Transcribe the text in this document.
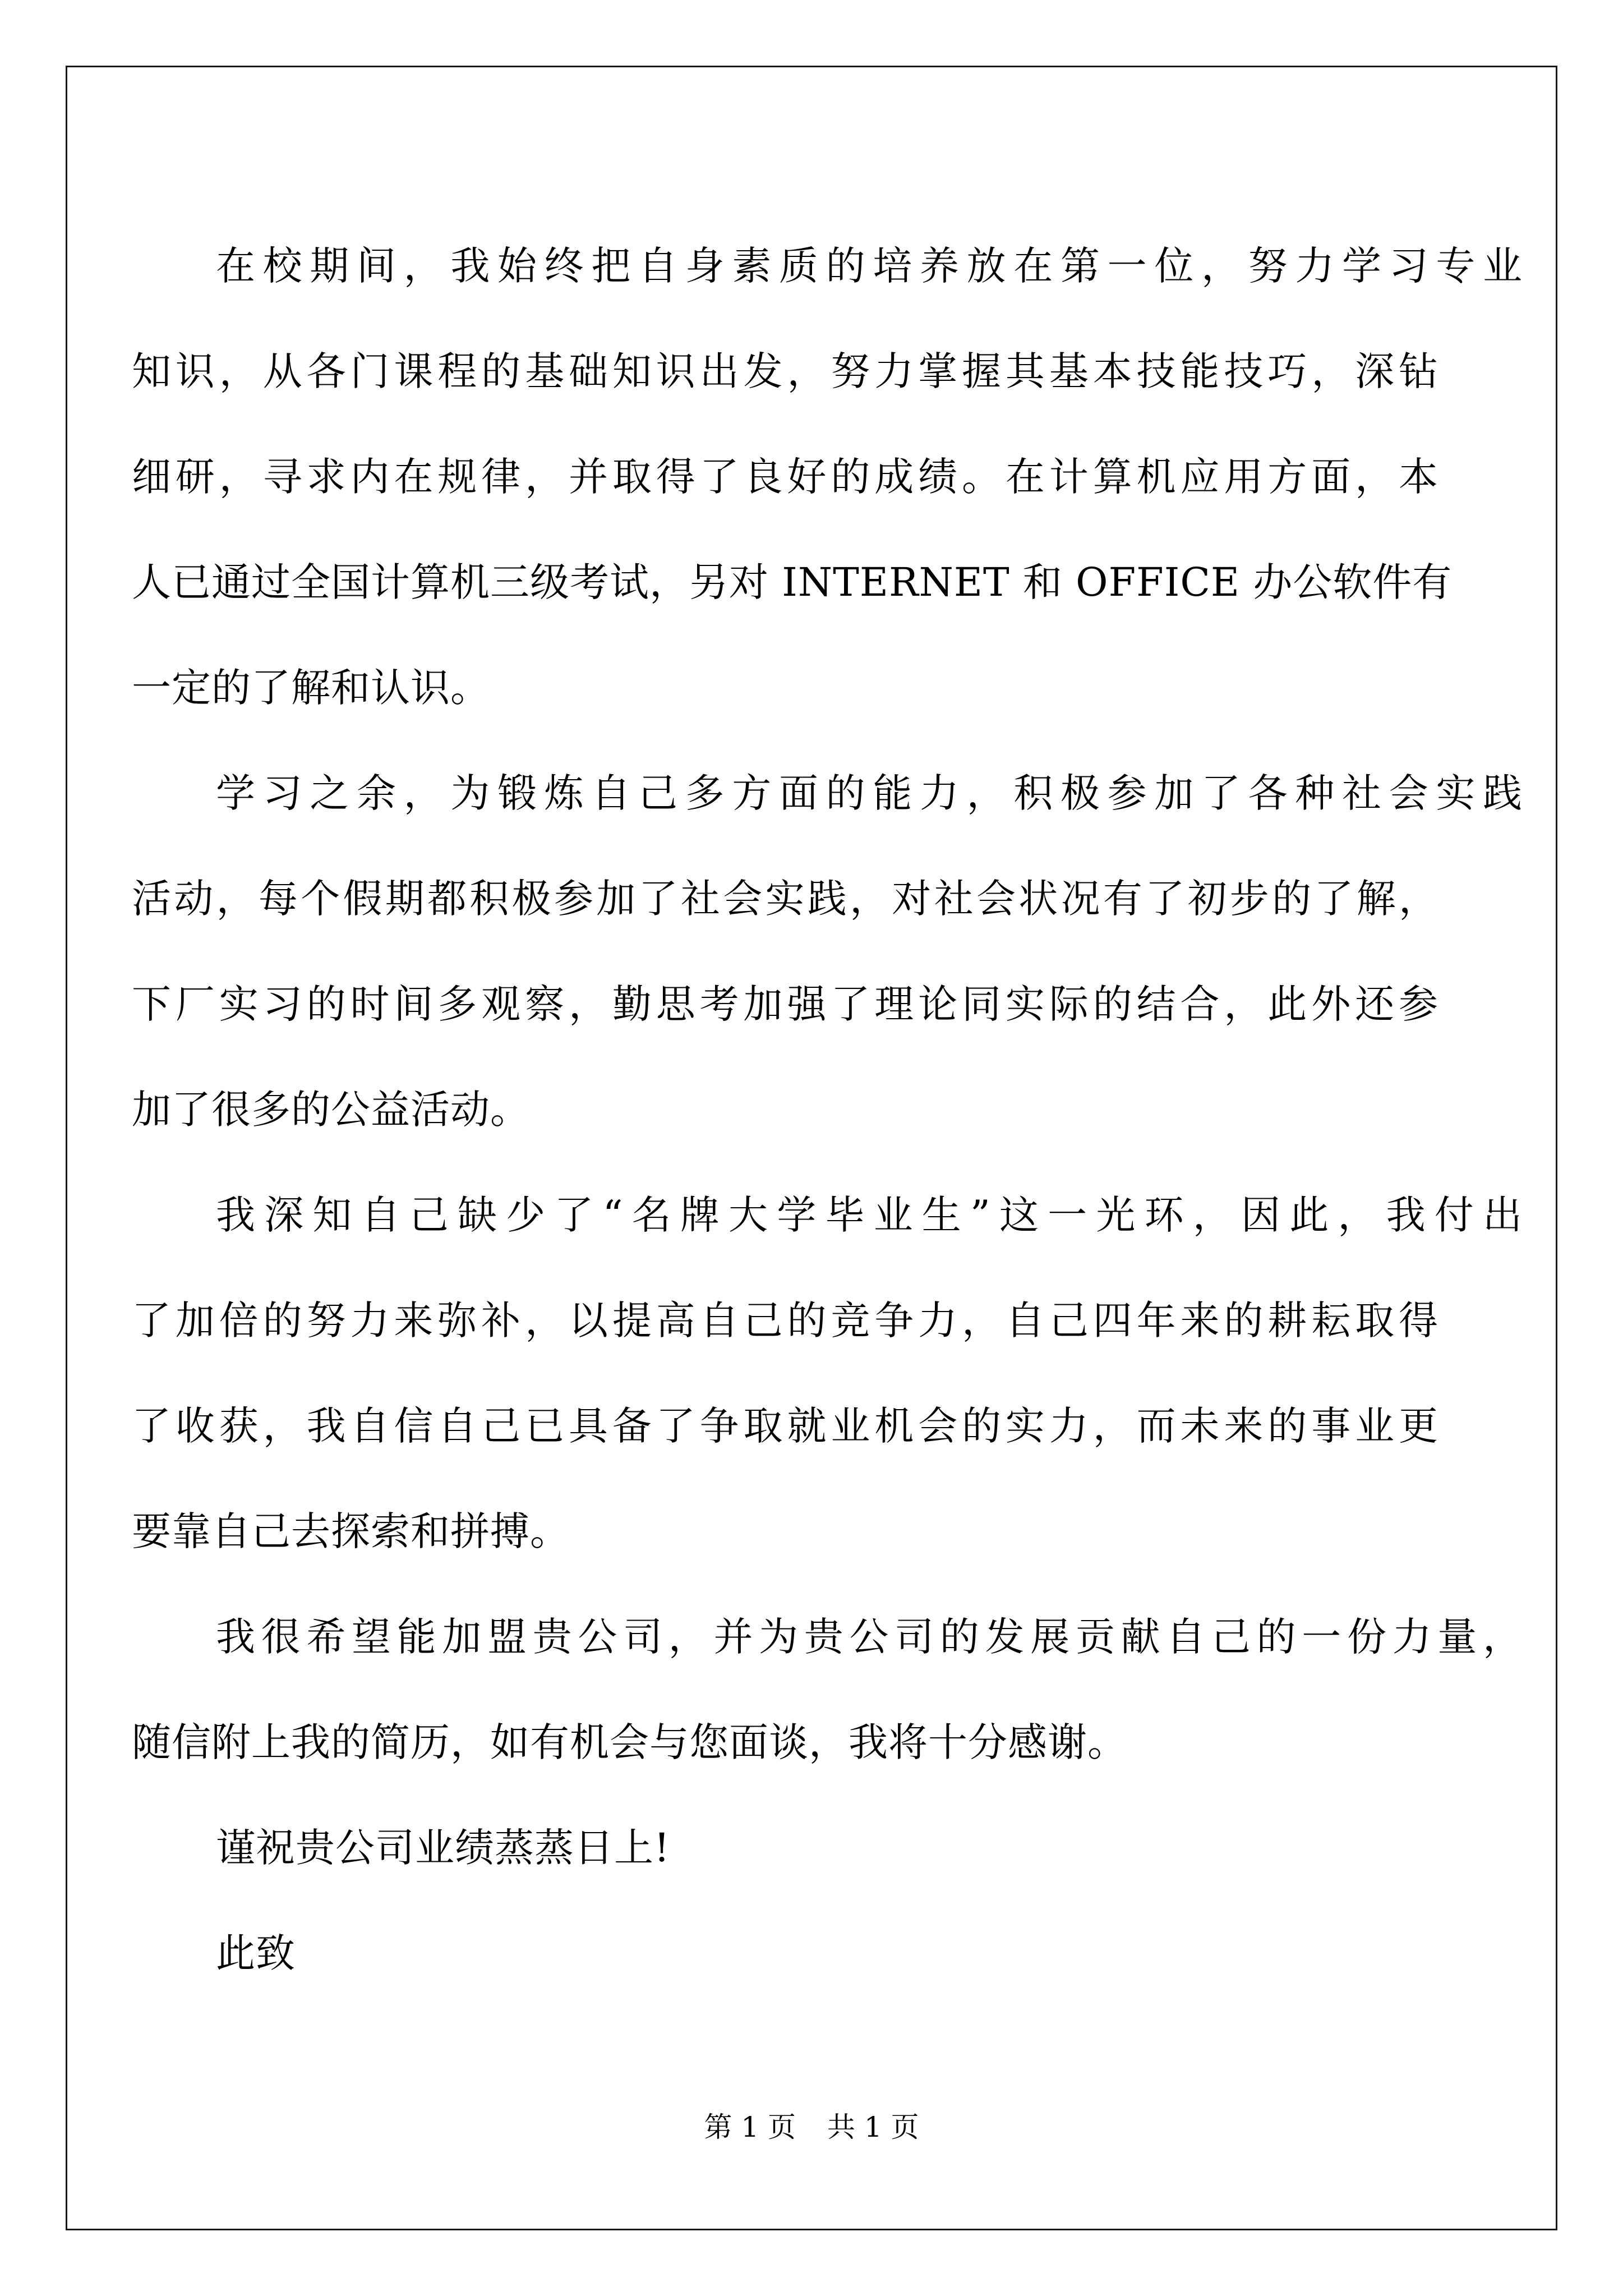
在校期间，我始终把自身素质的培养放在第一位，努力学习专业
知识，从各门课程的基础知识出发，努力掌握其基本技能技巧，深钻
细研，寻求内在规律，并取得了良好的成绩。在计算机应用方面，本
人已通过全国计算机三级考试，另对 INTERNET 和 OFFICE 办公软件有
一定的了解和认识。
学习之余，为锻炼自己多方面的能力，积极参加了各种社会实践
活动，每个假期都积极参加了社会实践，对社会状况有了初步的了解，
下厂实习的时间多观察，勤思考加强了理论同实际的结合，此外还参
加了很多的公益活动。
我深知自己缺少了“名牌大学毕业生”这一光环，因此，我付出
了加倍的努力来弥补，以提高自己的竞争力，自己四年来的耕耘取得
了收获，我自信自己已具备了争取就业机会的实力，而未来的事业更
要靠自己去探索和拼搏。
我很希望能加盟贵公司，并为贵公司的发展贡献自己的一份力量，
随信附上我的简历，如有机会与您面谈，我将十分感谢。
谨祝贵公司业绩蒸蒸日上!
此致
第 1 页 共 1 页
